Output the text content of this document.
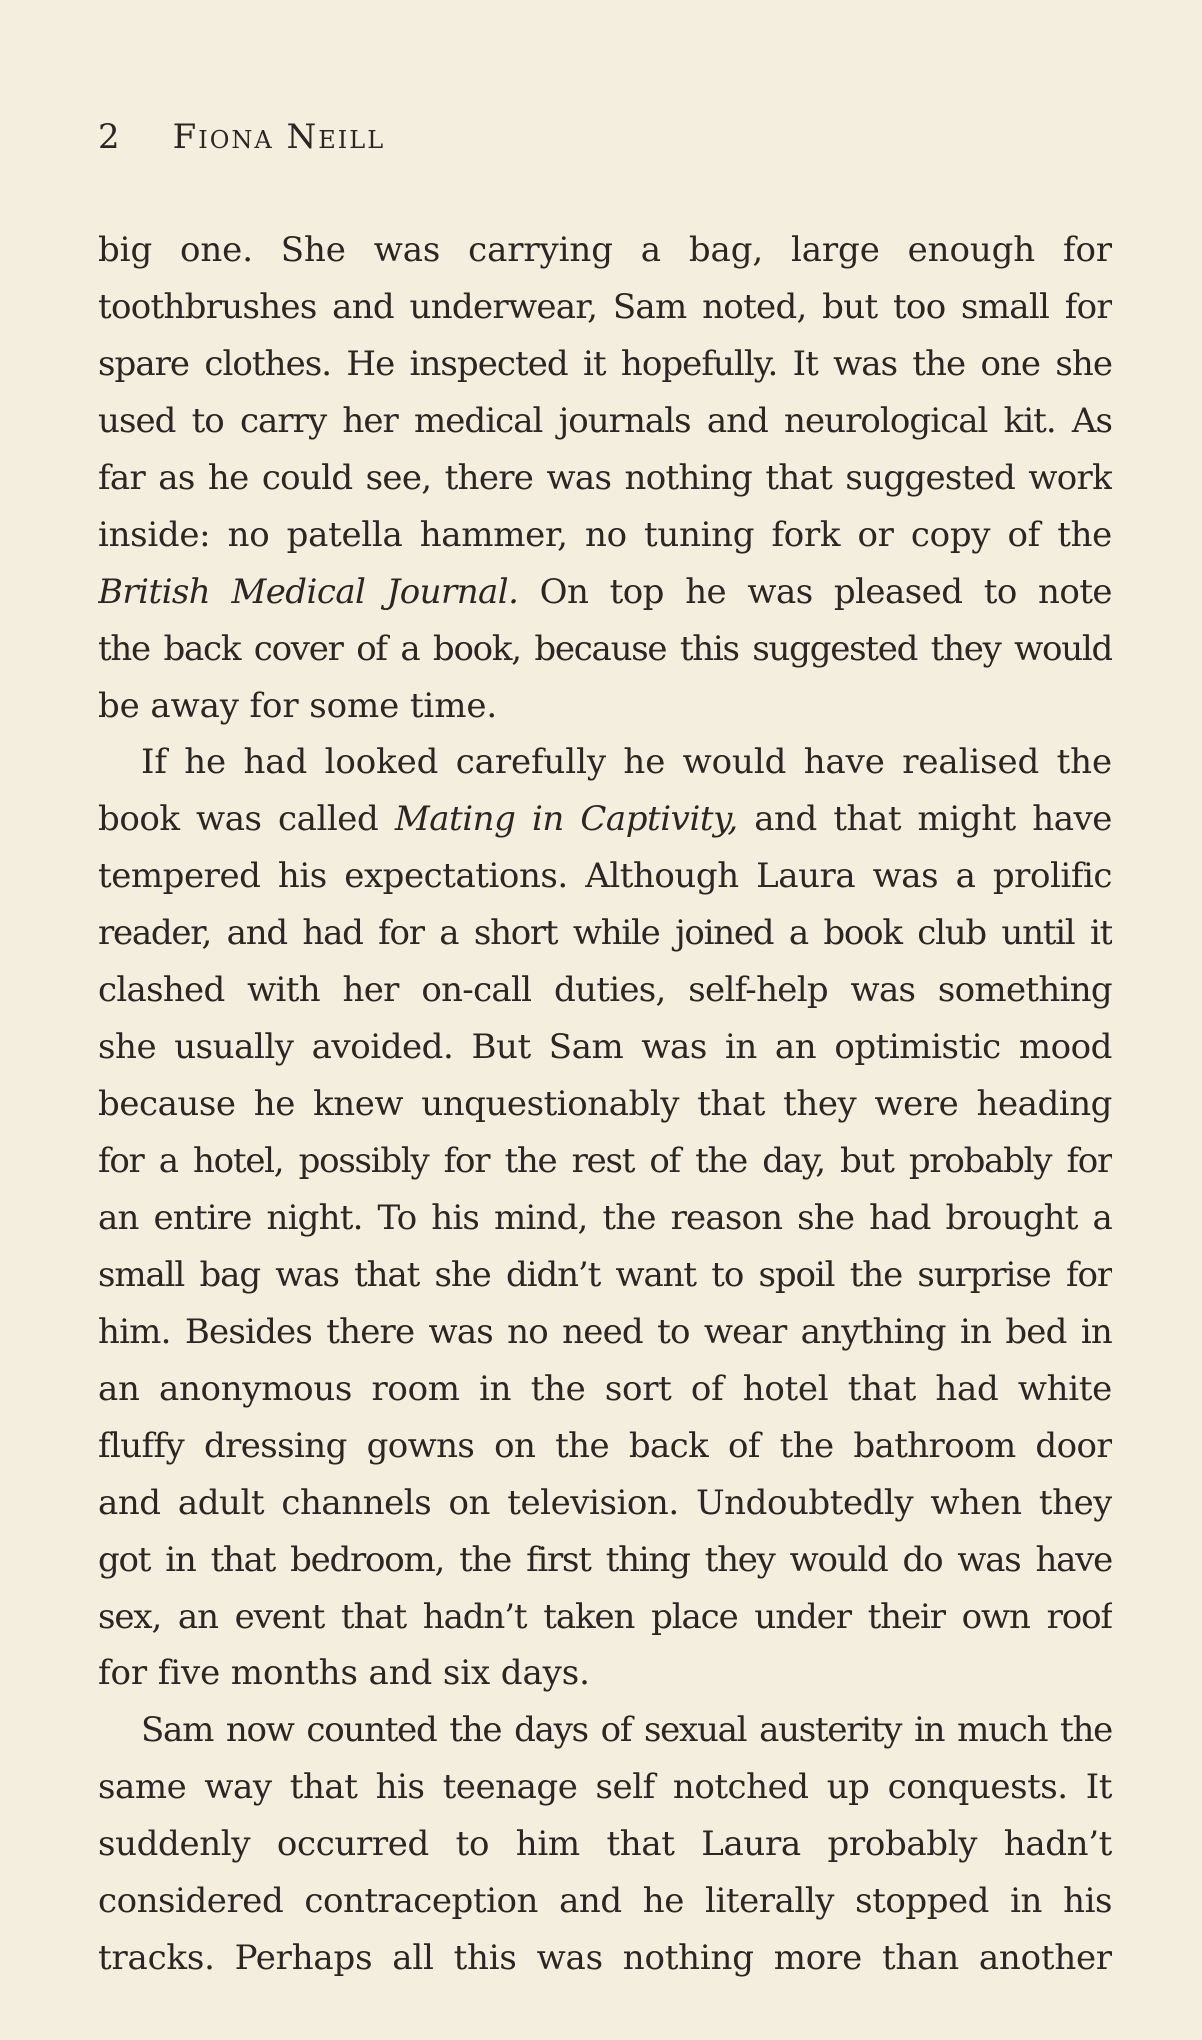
2 Fiona Neill
big one. She was carrying a bag, large enough for
toothbrushes and underwear, Sam noted, but too small for
spare clothes. He inspected it hopefully. It was the one she
used to carry her medical journals and neurological kit. As
far as he could see, there was nothing that suggested work
inside: no patella hammer, no tuning fork or copy of the
British Medical Journal. On top he was pleased to note
the back cover of a book, because this suggested they would
be away for some time.
If he had looked carefully he would have realised the
book was called Mating in Captivity, and that might have
tempered his expectations. Although Laura was a prolific
reader, and had for a short while joined a book club until it
clashed with her on-call duties, self-help was something
she usually avoided. But Sam was in an optimistic mood
because he knew unquestionably that they were heading
for a hotel, possibly for the rest of the day, but probably for
an entire night. To his mind, the reason she had brought a
small bag was that she didn’t want to spoil the surprise for
him. Besides there was no need to wear anything in bed in
an anonymous room in the sort of hotel that had white
fluffy dressing gowns on the back of the bathroom door
and adult channels on television. Undoubtedly when they
got in that bedroom, the first thing they would do was have
sex, an event that hadn’t taken place under their own roof
for five months and six days.
Sam now counted the days of sexual austerity in much the
same way that his teenage self notched up conquests. It
suddenly occurred to him that Laura probably hadn’t
considered contraception and he literally stopped in his
tracks. Perhaps all this was nothing more than another
